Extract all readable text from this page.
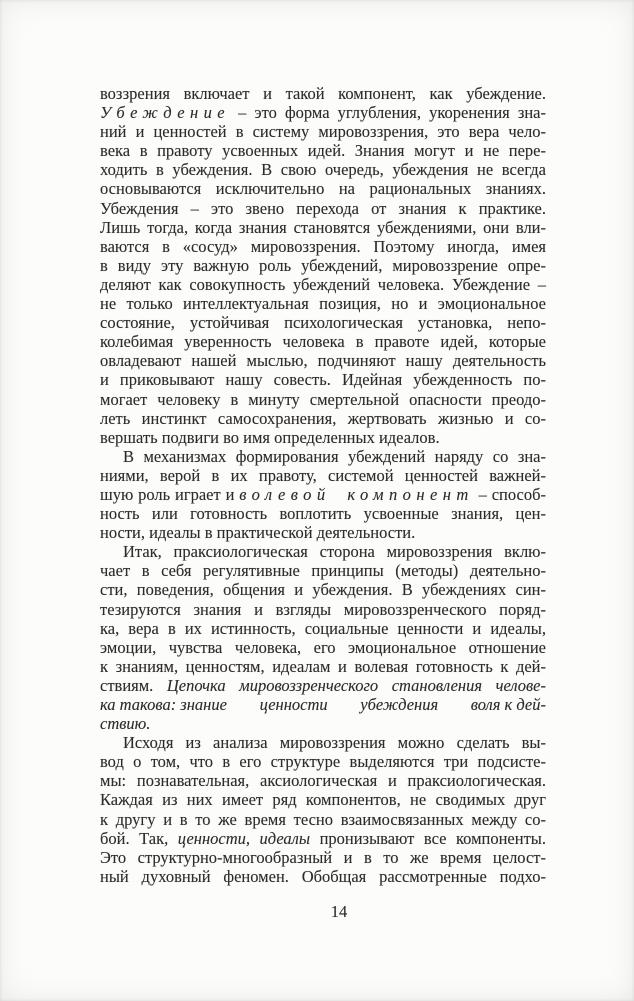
воззрения включает и такой компонент, как убеждение.
Убеждение – это форма углубления, укоренения зна-
ний и ценностей в систему мировоззрения, это вера чело-
века в правоту усвоенных идей. Знания могут и не пере-
ходить в убеждения. В свою очередь, убеждения не всегда
основываются исключительно на рациональных знаниях.
Убеждения – это звено перехода от знания к практике.
Лишь тогда, когда знания становятся убеждениями, они вли-
ваются в «сосуд» мировоззрения. Поэтому иногда, имея
в виду эту важную роль убеждений, мировоззрение опре-
деляют как совокупность убеждений человека. Убеждение –
не только интеллектуальная позиция, но и эмоциональное
состояние, устойчивая психологическая установка, непо-
колебимая уверенность человека в правоте идей, которые
овладевают нашей мыслью, подчиняют нашу деятельность
и приковывают нашу совесть. Идейная убежденность по-
могает человеку в минуту смертельной опасности преодо-
леть инстинкт самосохранения, жертвовать жизнью и со-
вершать подвиги во имя определенных идеалов.
В механизмах формирования убеждений наряду со зна-
ниями, верой в их правоту, системой ценностей важней-
шую роль играет и волевой компонент – способ-
ность или готовность воплотить усвоенные знания, цен-
ности, идеалы в практической деятельности.
Итак, праксиологическая сторона мировоззрения вклю-
чает в себя регулятивные принципы (методы) деятельно-
сти, поведения, общения и убеждения. В убеждениях син-
тезируются знания и взгляды мировоззренческого поряд-
ка, вера в их истинность, социальные ценности и идеалы,
эмоции, чувства человека, его эмоциональное отношение
к знаниям, ценностям, идеалам и волевая готовность к дей-
ствиям. Цепочка мировоззренческого становления челове-
ка такова: знание ценности убеждения воля к дей-
ствию.
Исходя из анализа мировоззрения можно сделать вы-
вод о том, что в его структуре выделяются три подсисте-
мы: познавательная, аксиологическая и праксиологическая.
Каждая из них имеет ряд компонентов, не сводимых друг
к другу и в то же время тесно взаимосвязанных между со-
бой. Так, ценности, идеалы пронизывают все компоненты.
Это структурно-многообразный и в то же время целост-
ный духовный феномен. Обобщая рассмотренные подхо-
14
